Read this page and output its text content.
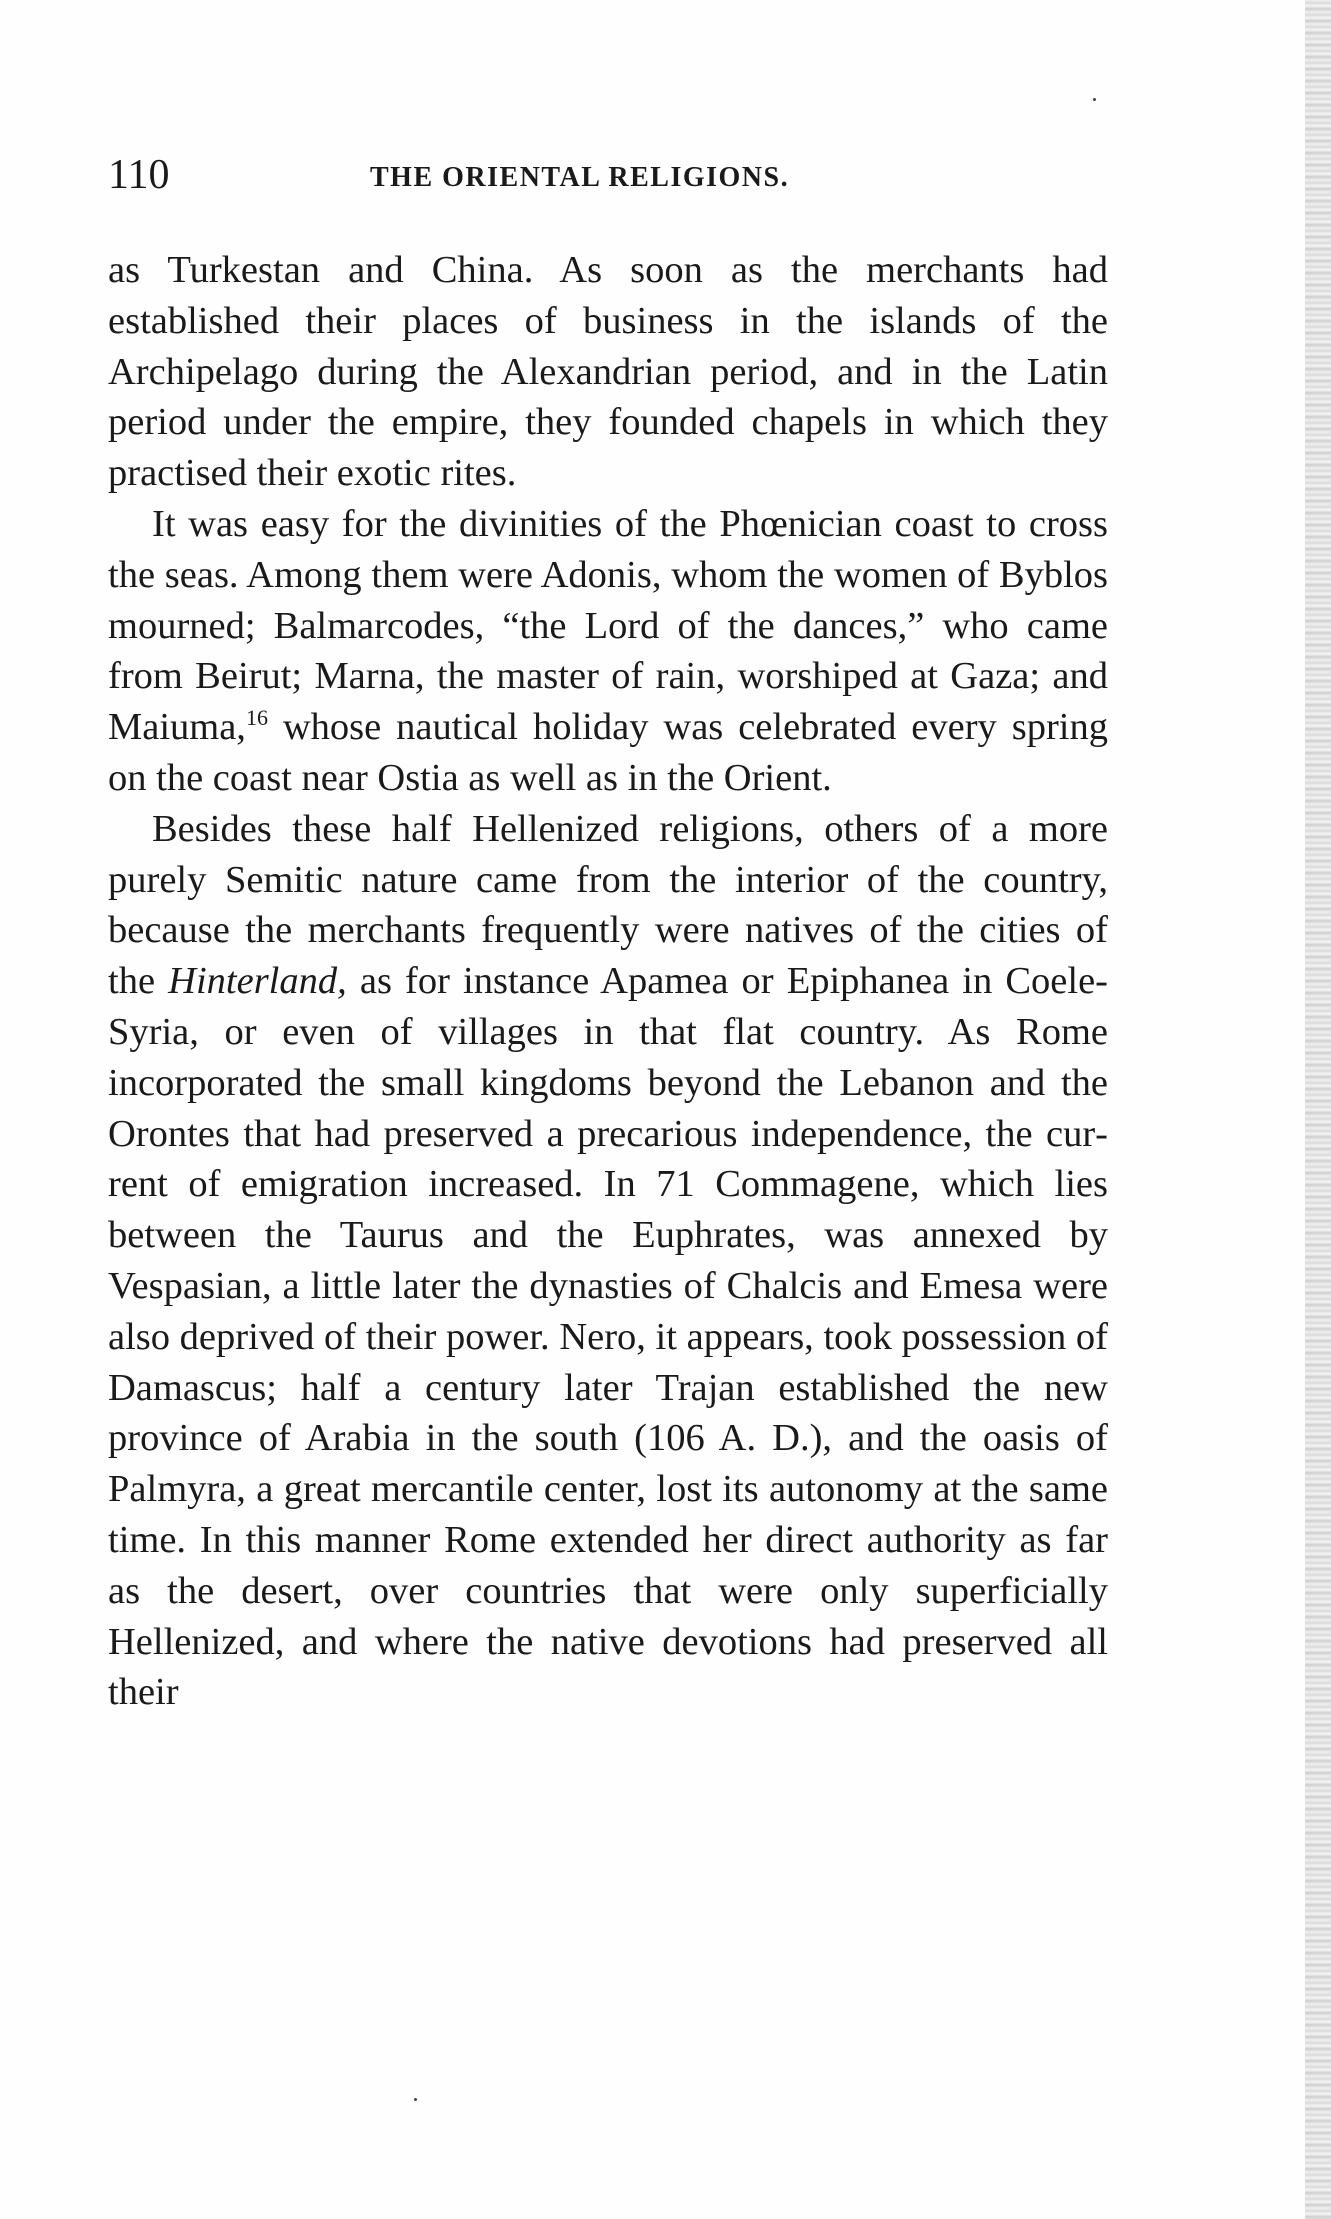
110	THE ORIENTAL RELIGIONS.

as Turkestan and China. As soon as the merchants had established their places of business in the islands of the Archipelago during the Alexandrian period, and in the Latin period under the empire, they founded chapels in which they practised their exotic rites.

It was easy for the divinities of the Phœnician coast to cross the seas. Among them were Adonis, whom the women of Byblos mourned; Balmarcodes, “the Lord of the dances,” who came from Beirut; Marna, the master of rain, worshiped at Gaza; and Maiuma,$^{16}$ whose nautical holiday was celebrated every spring on the coast near Ostia as well as in the Orient.

Besides these half Hellenized religions, others of a more purely Semitic nature came from the interior of the country, because the merchants frequently were natives of the cities of the Hinterland, as for instance Apamea or Epiphanea in Coele-Syria, or even of villages in that flat country. As Rome incorporated the small kingdoms beyond the Lebanon and the Orontes that had preserved a precarious independence, the current of emigration increased. In 71 Commagene, which lies between the Taurus and the Euphrates, was annexed by Vespasian, a little later the dynasties of Chalcis and Emesa were also deprived of their power. Nero, it appears, took possession of Damascus; half a century later Trajan established the new province of Arabia in the south (106 A. D.), and the oasis of Palmyra, a great mercantile center, lost its autonomy at the same time. In this manner Rome extended her direct authority as far as the desert, over countries that were only superficially Hellenized, and where the native devotions had preserved all their
